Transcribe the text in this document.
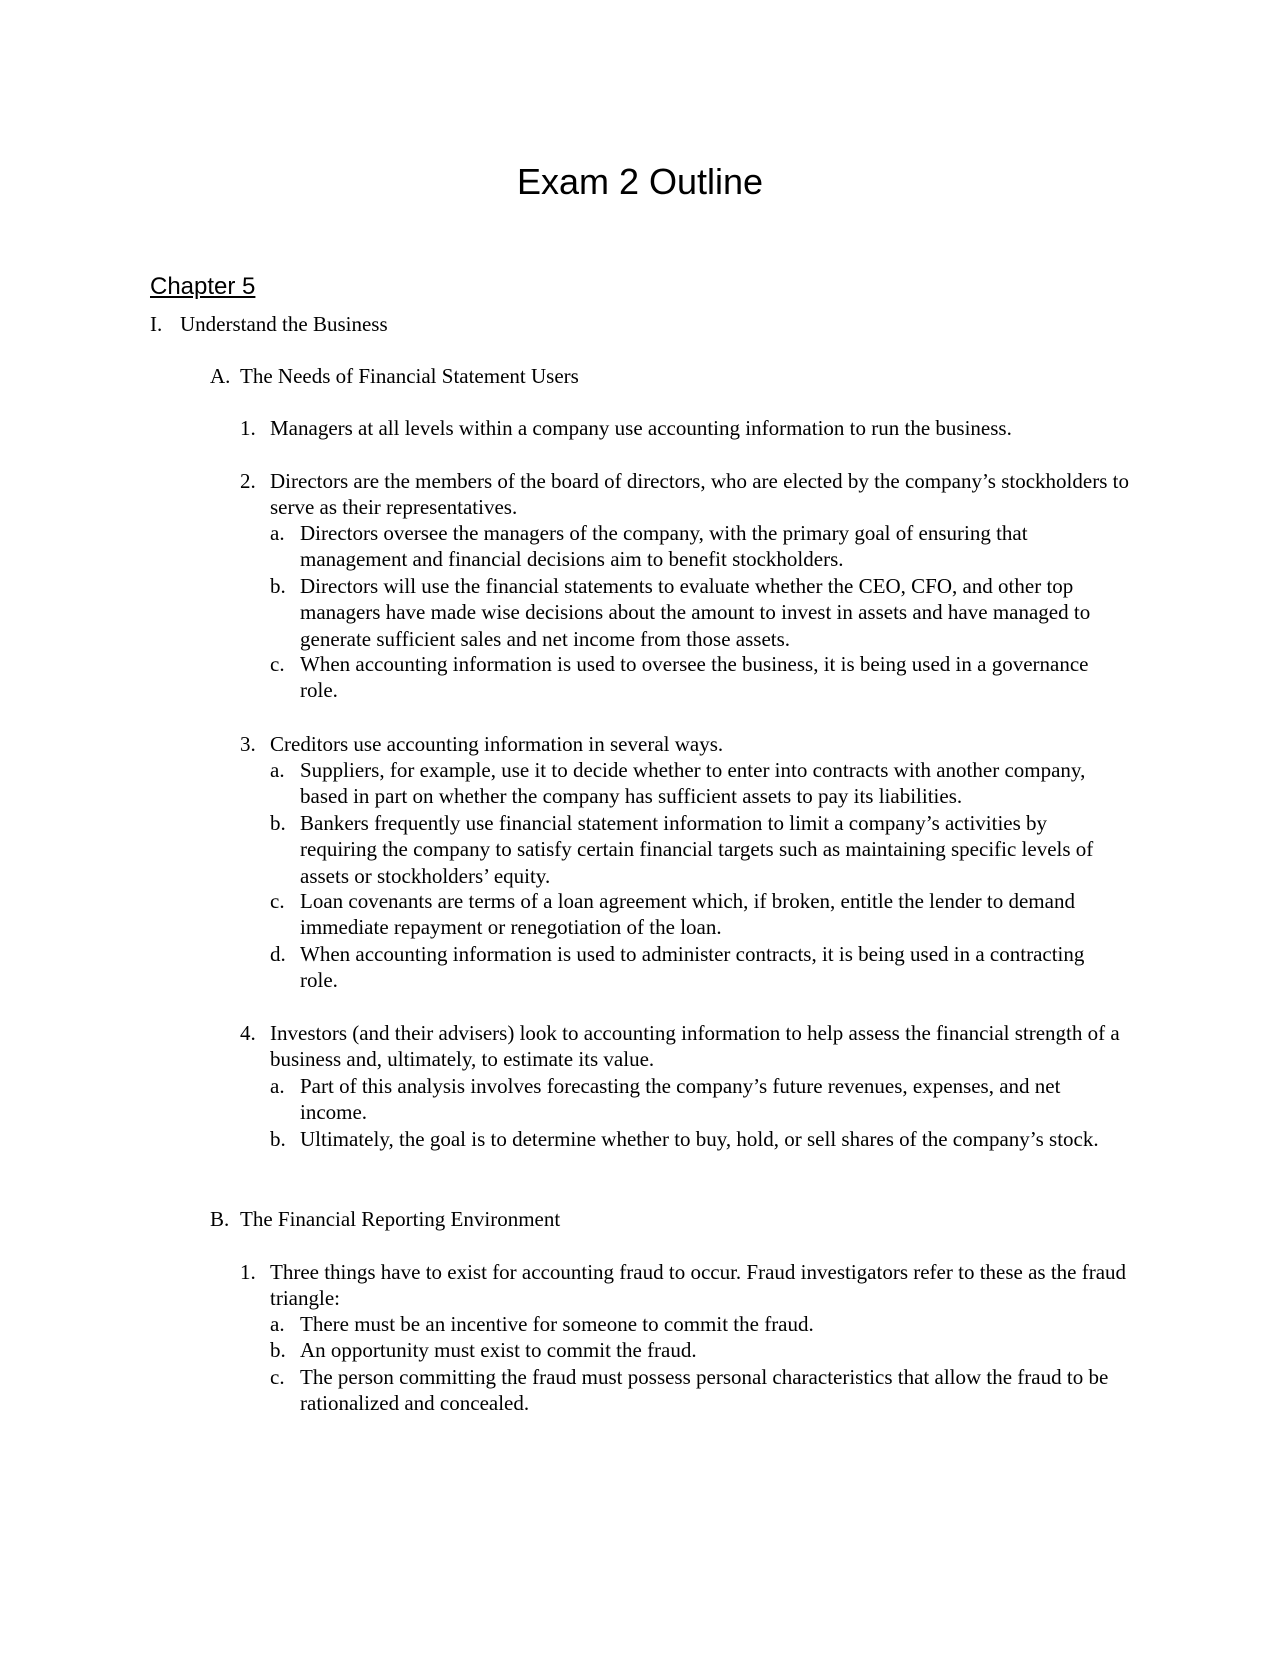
Exam 2 Outline
Chapter 5
I. Understand the Business
A. The Needs of Financial Statement Users
1. Managers at all levels within a company use accounting information to run the business.
2. Directors are the members of the board of directors, who are elected by the company’s stockholders to serve as their representatives.
a. Directors oversee the managers of the company, with the primary goal of ensuring that management and financial decisions aim to benefit stockholders.
b. Directors will use the financial statements to evaluate whether the CEO, CFO, and other top managers have made wise decisions about the amount to invest in assets and have managed to generate sufficient sales and net income from those assets.
c. When accounting information is used to oversee the business, it is being used in a governance role.
3. Creditors use accounting information in several ways.
a. Suppliers, for example, use it to decide whether to enter into contracts with another company, based in part on whether the company has sufficient assets to pay its liabilities.
b. Bankers frequently use financial statement information to limit a company’s activities by requiring the company to satisfy certain financial targets such as maintaining specific levels of assets or stockholders’ equity.
c. Loan covenants are terms of a loan agreement which, if broken, entitle the lender to demand immediate repayment or renegotiation of the loan.
d. When accounting information is used to administer contracts, it is being used in a contracting role.
4. Investors (and their advisers) look to accounting information to help assess the financial strength of a business and, ultimately, to estimate its value.
a. Part of this analysis involves forecasting the company’s future revenues, expenses, and net income.
b. Ultimately, the goal is to determine whether to buy, hold, or sell shares of the company’s stock.
B. The Financial Reporting Environment
1. Three things have to exist for accounting fraud to occur. Fraud investigators refer to these as the fraud triangle:
a. There must be an incentive for someone to commit the fraud.
b. An opportunity must exist to commit the fraud.
c. The person committing the fraud must possess personal characteristics that allow the fraud to be rationalized and concealed.
